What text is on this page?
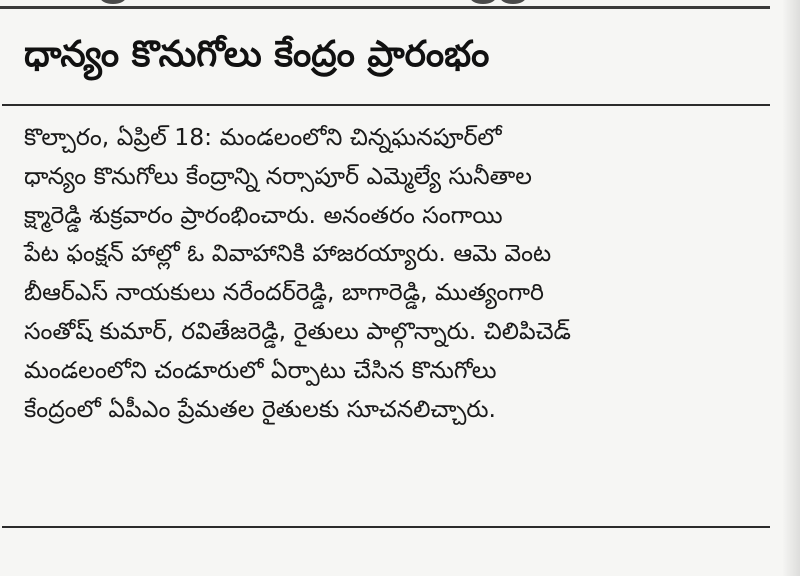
ధాన్యం కొనుగోలు కేంద్రం ప్రారంభం

కొల్చారం, ఏప్రిల్ 18: మండలంలోని చిన్నఘనపూర్‌లో
ధాన్యం కొనుగోలు కేంద్రాన్ని నర్సాపూర్ ఎమ్మెల్యే సునీతాల
క్ష్మారెడ్డి శుక్రవారం ప్రారంభించారు. అనంతరం సంగాయి
పేట ఫంక్షన్ హాల్లో ఓ వివాహానికి హాజరయ్యారు. ఆమె వెంట
బీఆర్ఎస్ నాయకులు నరేందర్‌రెడ్డి, బాగారెడ్డి, ముత్యంగారి
సంతోష్ కుమార్, రవితేజరెడ్డి, రైతులు పాల్గొన్నారు. చిలిపిచెడ్
మండలంలోని చండూరులో ఏర్పాటు చేసిన కొనుగోలు
కేంద్రంలో ఏపీఎం ప్రేమతల రైతులకు సూచనలిచ్చారు.
